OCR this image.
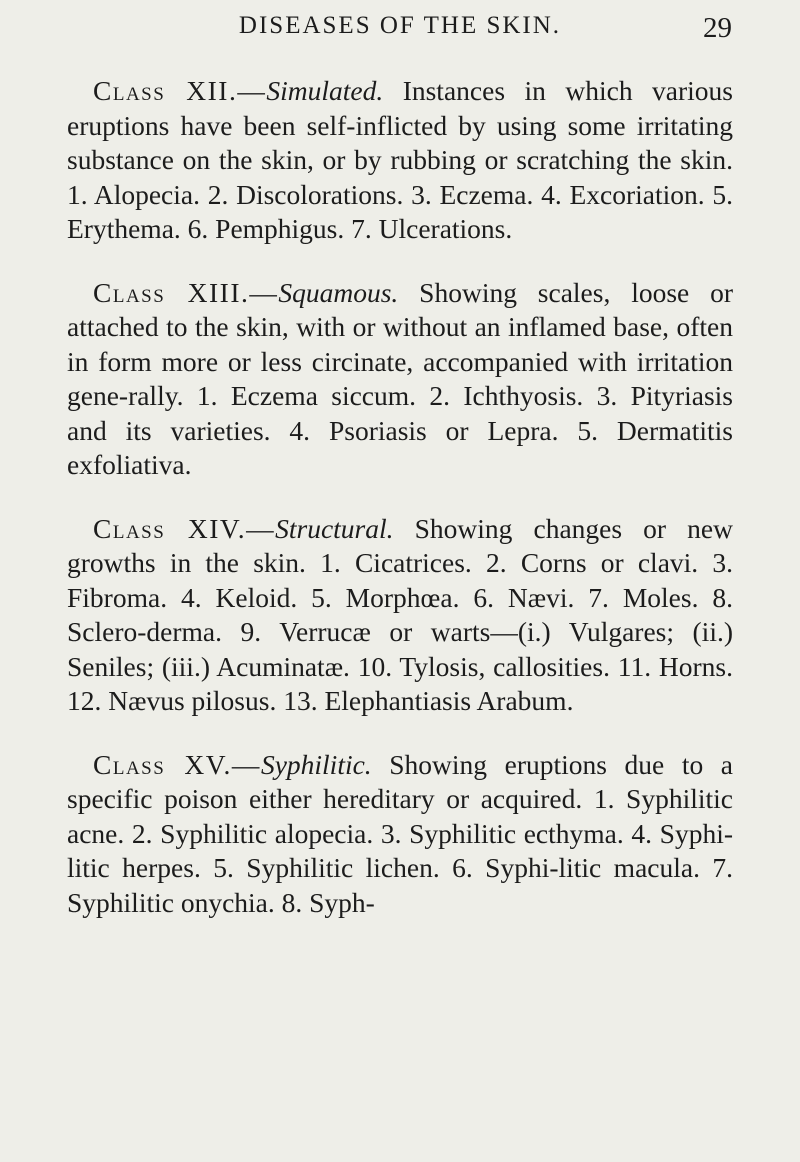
DISEASES OF THE SKIN.	29

Class XII.—Simulated. Instances in which various eruptions have been self-inflicted by using some irritating substance on the skin, or by rubbing or scratching the skin. 1. Alopecia. 2. Discolorations. 3. Eczema. 4. Excoriation. 5. Erythema. 6. Pemphigus. 7. Ulcerations.

Class XIII.—Squamous. Showing scales, loose or attached to the skin, with or without an inflamed base, often in form more or less circinate, accompanied with irritation gene-rally. 1. Eczema siccum. 2. Ichthyosis. 3. Pityriasis and its varieties. 4. Psoriasis or Lepra. 5. Dermatitis exfoliativa.

Class XIV.—Structural. Showing changes or new growths in the skin. 1. Cicatrices. 2. Corns or clavi. 3. Fibroma. 4. Keloid. 5. Morphœa. 6. Nævi. 7. Moles. 8. Sclero-derma. 9. Verrucæ or warts—(i.) Vulgares; (ii.) Seniles; (iii.) Acuminatæ. 10. Tylosis, callosities. 11. Horns. 12. Nævus pilosus. 13. Elephantiasis Arabum.

Class XV.—Syphilitic. Showing eruptions due to a specific poison either hereditary or acquired. 1. Syphilitic acne. 2. Syphilitic alopecia. 3. Syphilitic ecthyma. 4. Syphi-litic herpes. 5. Syphilitic lichen. 6. Syphi-litic macula. 7. Syphilitic onychia. 8. Syph-
